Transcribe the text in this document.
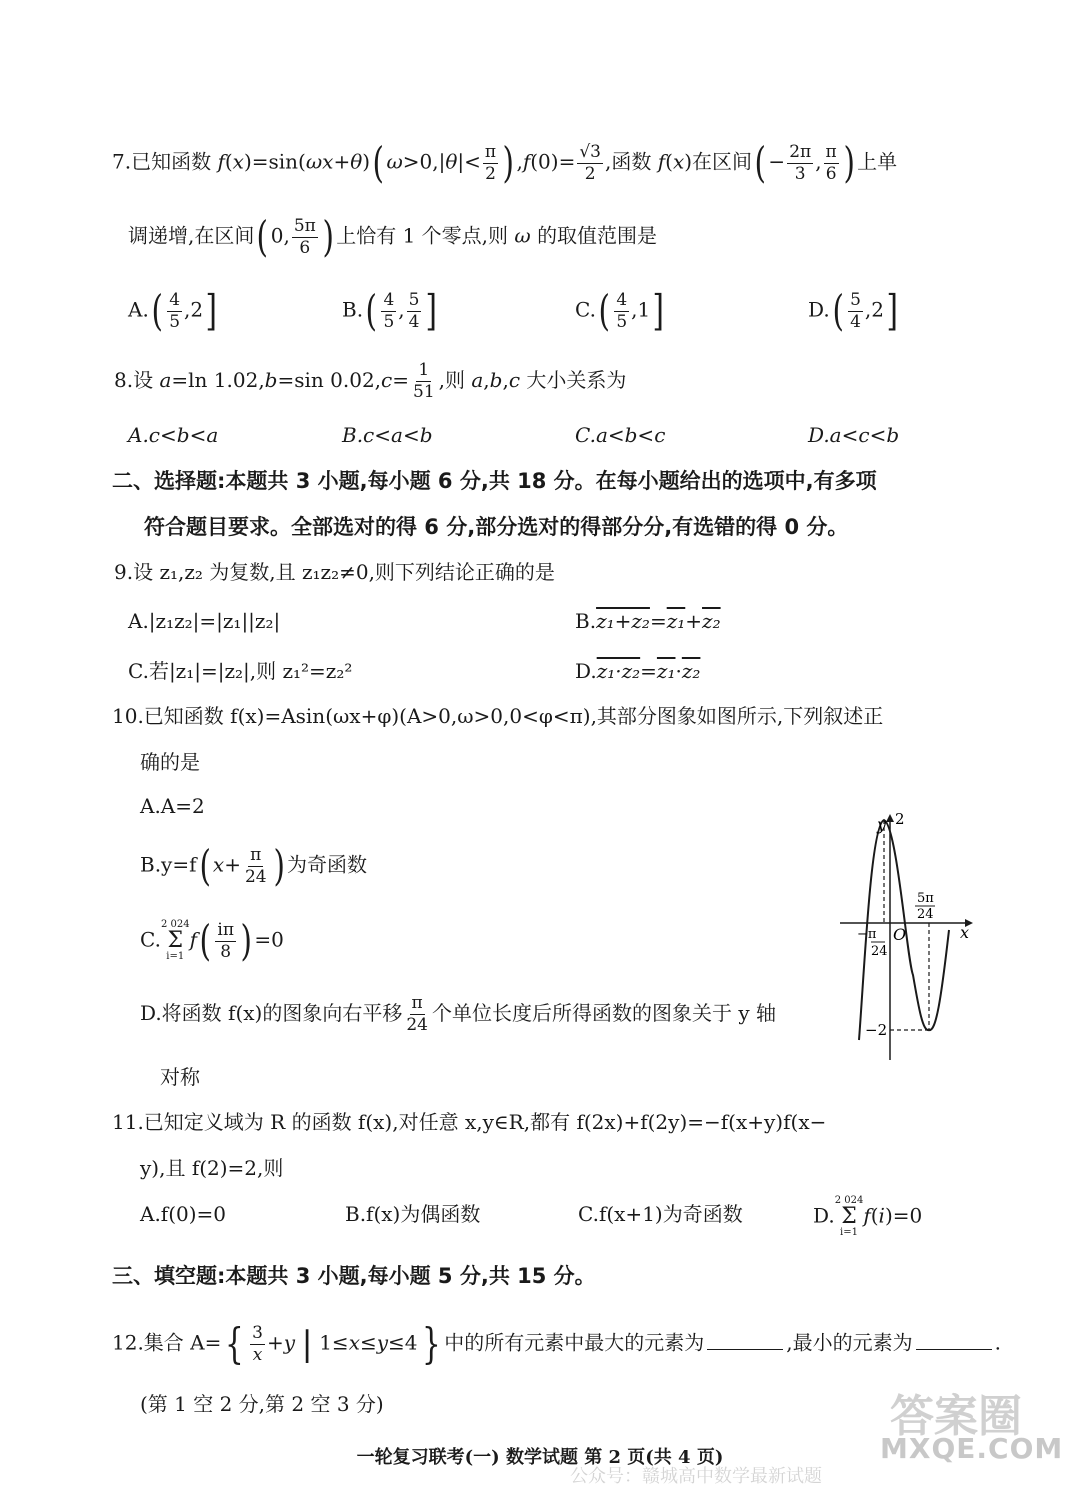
7.已知函数 f(x)=sin(ωx+θ)( $\omega>0,|\theta|< \frac{\pi}{2}$ ) $,f(0)= \frac{√3}{2}$ ,函数 f(x)在区间( − $\frac{2\pi}{3}$ , $\frac{\pi}{6}$ ) 上单
调递增,在区间( 0, $\frac{5\pi}{6}$ ) 上恰有 1 个零点,则 ω 的取值范围是
$A.( \frac{4}{5} ,2]$	$B.( \frac{4}{5}$ , $\frac{5}{4}$ ]	$C.( \frac{4}{5} ,1]$	$D.( \frac{5}{4} ,2]$
8.设 a=ln 1.02,b=sin $0.02,c= \frac{1}{51}$ ,则 a,b,c 大小关系为
A.c<b<a	B.c<a<b	C.a<b<c	D.a<c<b
二、选择题:本题共 3 小题,每小题 6 分,共 18 分。在每小题给出的选项中,有多项
符合题目要求。全部选对的得 6 分,部分选对的得部分分,有选错的得 0 分。
9.设 z₁,z₂ 为复数,且 z₁z₂≠0,则下列结论正确的是
A.|z₁z₂|=|z₁||z₂|	B.z₁+z₂=z₁+z₂
C.若|z₁|=|z₂|,则 z₁²=z₂²	D.z₁·z₂=z₁·z₂
10.已知函数 f(x)=Asin(ωx+φ)(A>0,ω>0,0<φ<π),其部分图象如图所示,下列叙述正
确的是
A.A=2
B.y=f( $x+ \frac{\pi}{24}$ ) 为奇函数
C.
2 024
Σ
i=1
$f( \frac{i\pi}{8}$ ) =0
D.将函数 f(x)的图象向右平移 $\frac{\pi}{24}$ 个单位长度后所得函数的图象关于 y 轴
对称
y
x
O
2
−2
−π
24
5π
24
11.已知定义域为 R 的函数 f(x),对任意 x,y∈R,都有 f(2x)+f(2y)=−f(x+y)f(x−
y),且 f(2)=2,则
A.f(0)=0	B.f(x)为偶函数	C.f(x+1)为奇函数	D.
2 024
Σ
i=1
f(i)=0
三、填空题:本题共 3 小题,每小题 5 分,共 15 分。
12.集合 $A=\{ \frac{3}{x} +y$ | 1≤x≤y≤4} 中的所有元素中最大的元素为	,最小的元素为	.
(第 1 空 2 分,第 2 空 3 分)
一轮复习联考(一) 数学试题 第 2 页(共 4 页)
答案圈
MXQE.COM
公众号：赣城高中数学最新试题
